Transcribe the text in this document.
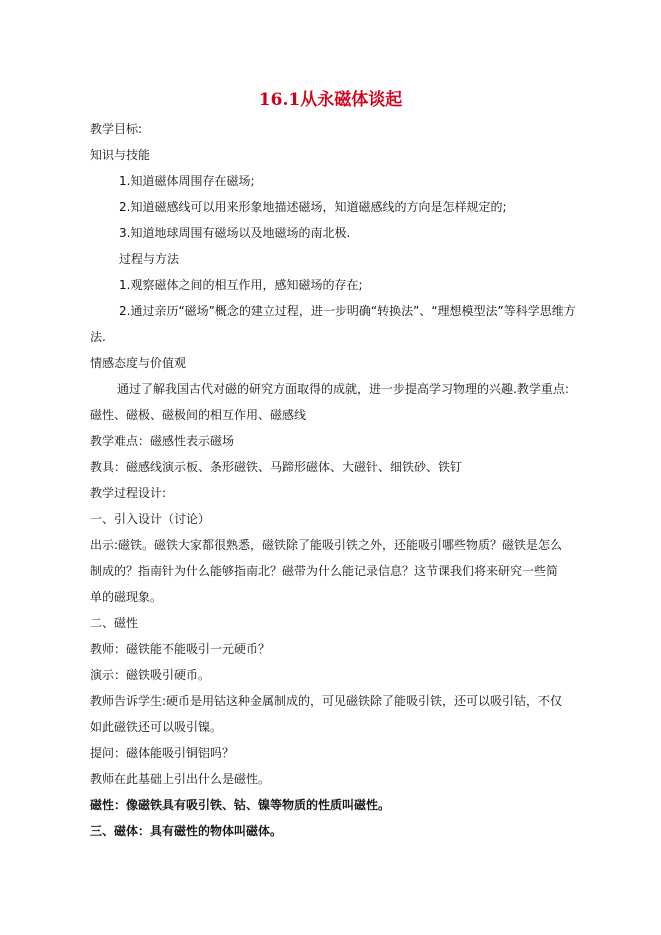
16.1从永磁体谈起
教学目标:
知识与技能
1.知道磁体周围存在磁场;
2.知道磁感线可以用来形象地描述磁场，知道磁感线的方向是怎样规定的;
3.知道地球周围有磁场以及地磁场的南北极.
过程与方法
1.观察磁体之间的相互作用，感知磁场的存在;
2.通过亲历“磁场”概念的建立过程，进一步明确“转换法”、“理想模型法”等科学思维方
法.
情感态度与价值观
通过了解我国古代对磁的研究方面取得的成就，进一步提高学习物理的兴趣.教学重点:
磁性、磁极、磁极间的相互作用、磁感线
教学难点：磁感性表示磁场
教具：磁感线演示板、条形磁铁、马蹄形磁体、大磁针、细铁砂、铁钉
教学过程设计:
一、引入设计（讨论）
出示:磁铁。磁铁大家都很熟悉，磁铁除了能吸引铁之外，还能吸引哪些物质？磁铁是怎么
制成的？指南针为什么能够指南北？磁带为什么能记录信息？这节课我们将来研究一些简
单的磁现象。
二、磁性
教师：磁铁能不能吸引一元硬币？
演示：磁铁吸引硬币。
教师告诉学生:硬币是用钴这种金属制成的，可见磁铁除了能吸引铁，还可以吸引钴，不仅
如此磁铁还可以吸引镍。
提问：磁体能吸引铜铝吗？
教师在此基础上引出什么是磁性。
磁性：像磁铁具有吸引铁、钴、镍等物质的性质叫磁性。
三、磁体：具有磁性的物体叫磁体。
